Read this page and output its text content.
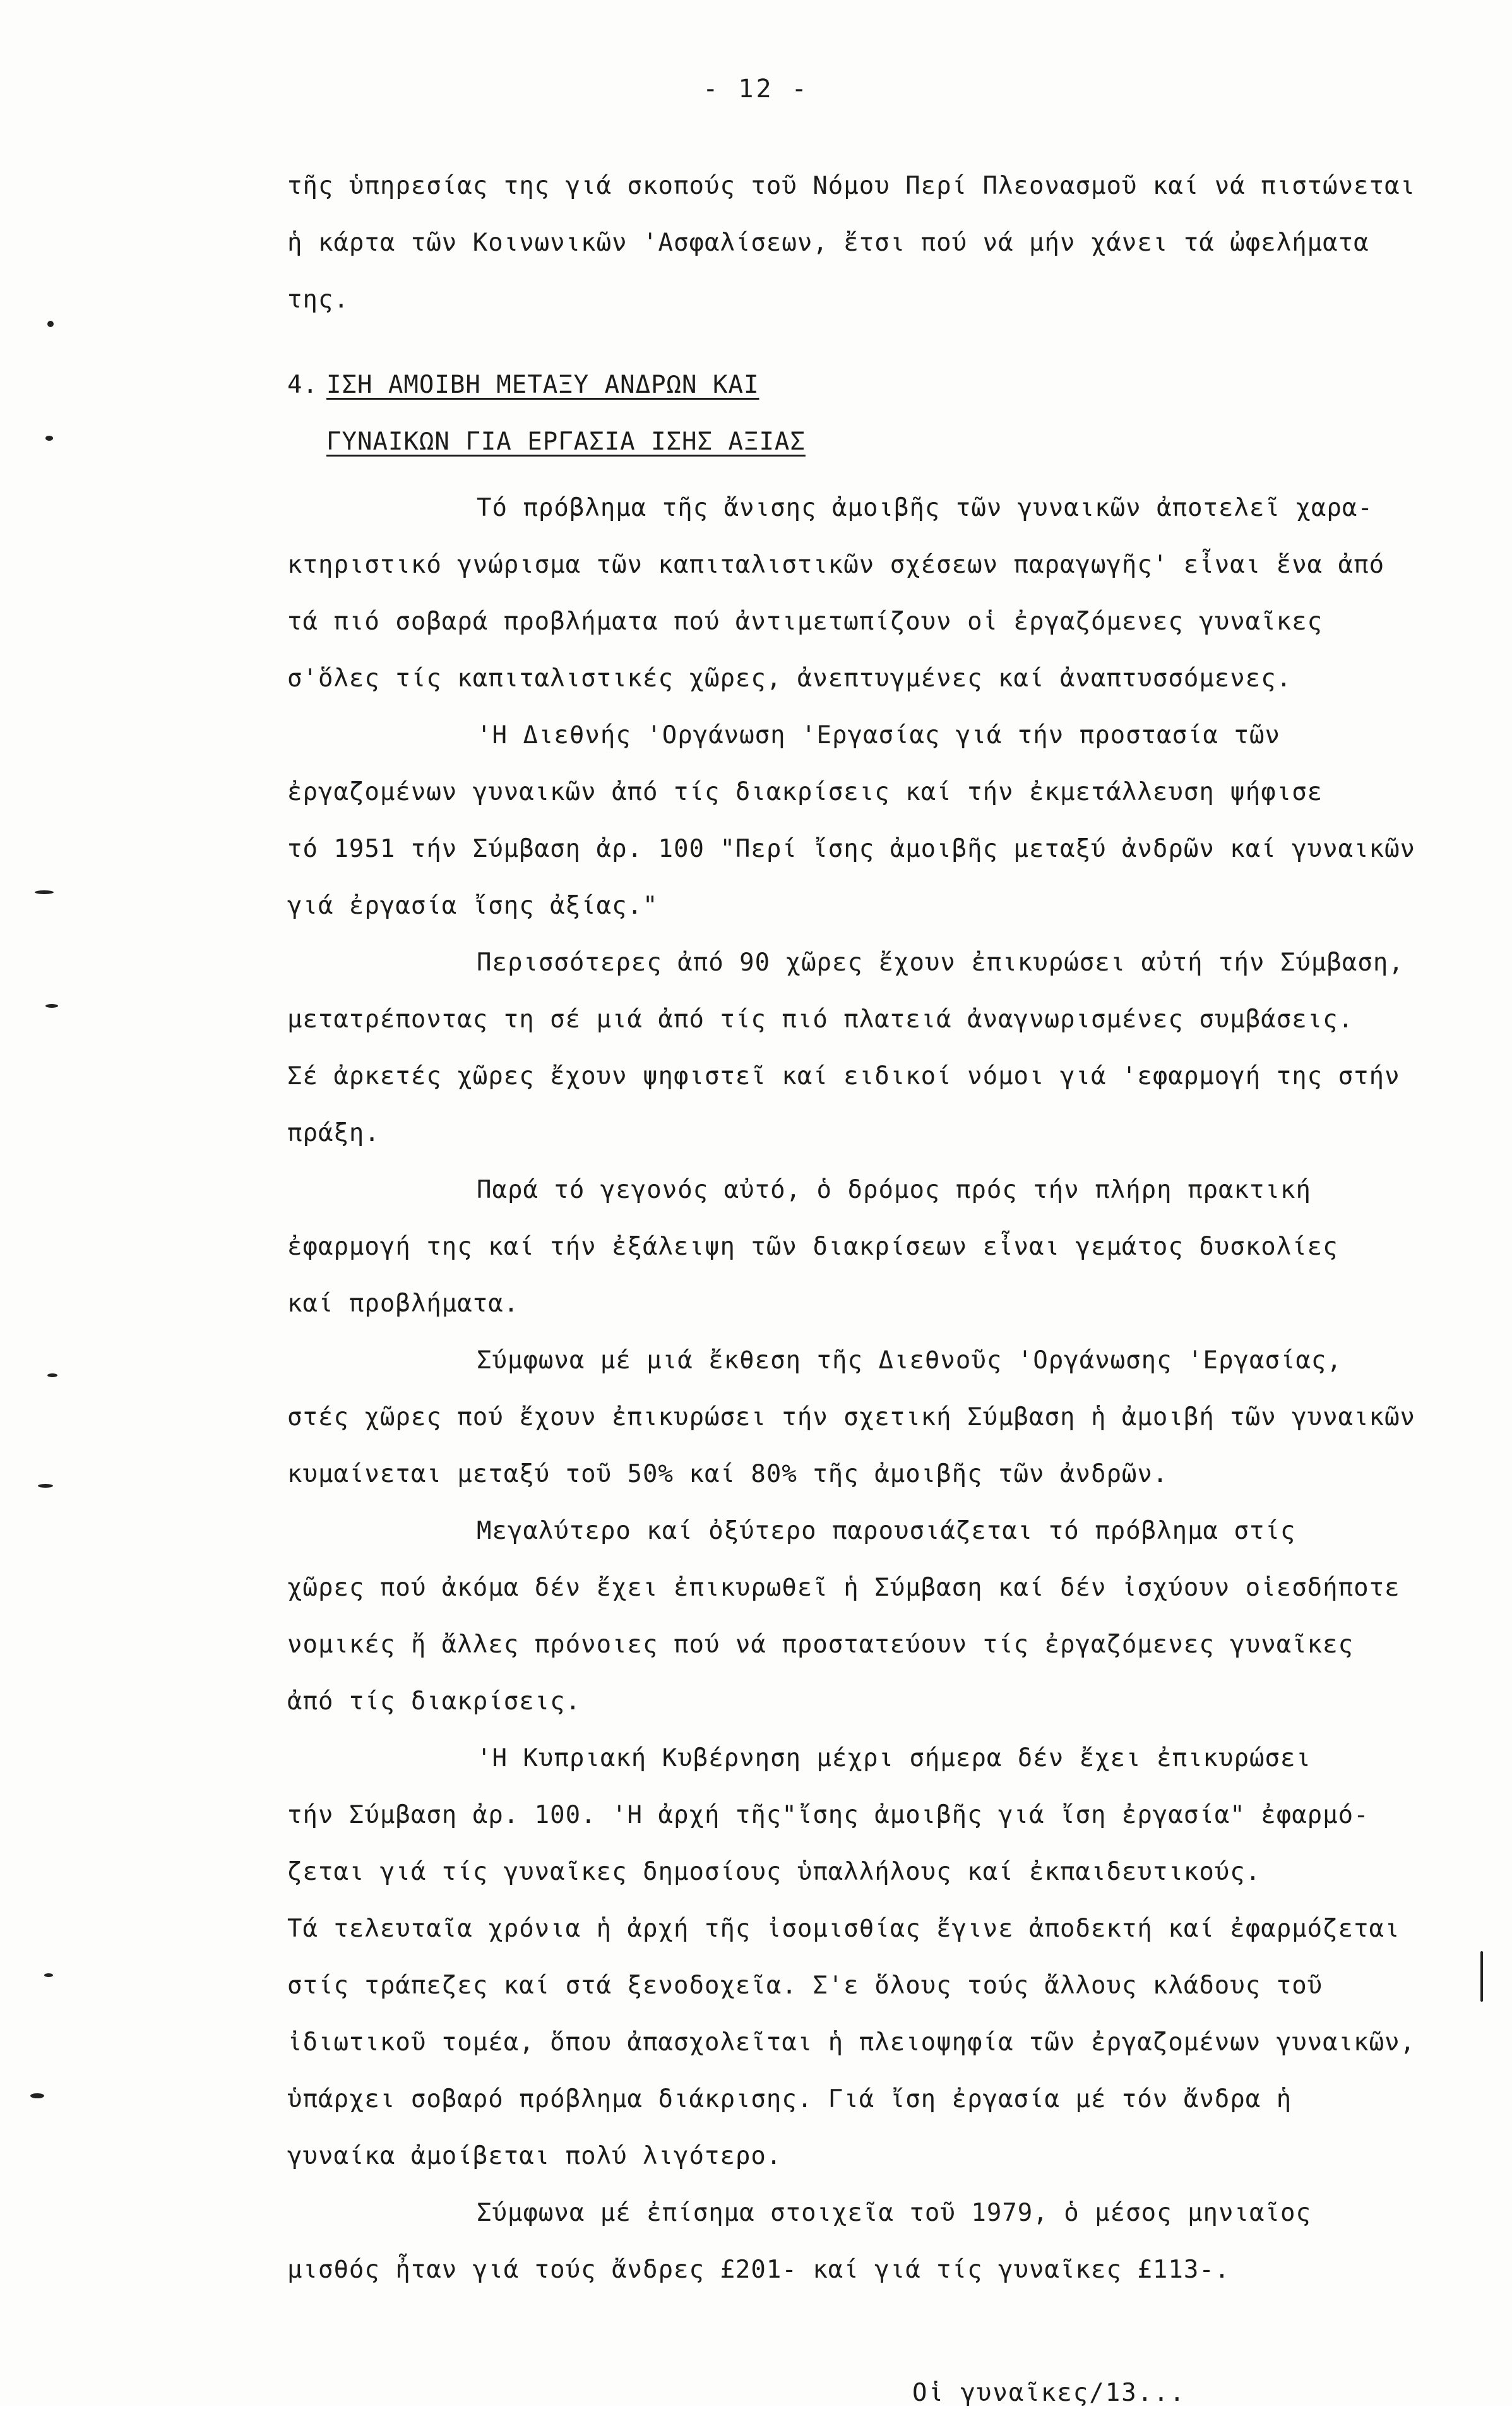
- 12 -
τῆς ὑπηρεσίας της γιά σκοπούς τοῦ Νόμου Περί Πλεονασμοῦ καί νά πιστώνεται
ἡ κάρτα τῶν Κοινωνικῶν 'Ασφαλίσεων, ἔτσι πού νά μήν χάνει τά ὠφελήματα
της.
4. ΙΣΗ ΑΜΟΙΒΗ ΜΕΤΑΞΥ ΑΝΔΡΩΝ ΚΑΙ
ΓΥΝΑΙΚΩΝ ΓΙΑ ΕΡΓΑΣΙΑ ΙΣΗΣ ΑΞΙΑΣ
Τό πρόβλημα τῆς ἄνισης ἀμοιβῆς τῶν γυναικῶν ἀποτελεῖ χαρα-
κτηριστικό γνώρισμα τῶν καπιταλιστικῶν σχέσεων παραγωγῆς' εἶναι ἕνα ἀπό
τά πιό σοβαρά προβλήματα πού ἀντιμετωπίζουν οἱ ἐργαζόμενες γυναῖκες
σ'ὅλες τίς καπιταλιστικές χῶρες, ἀνεπτυγμένες καί ἀναπτυσσόμενες.
'Η Διεθνής 'Οργάνωση 'Εργασίας γιά τήν προστασία τῶν
ἐργαζομένων γυναικῶν ἀπό τίς διακρίσεις καί τήν ἐκμετάλλευση ψήφισε
τό 1951 τήν Σύμβαση ἀρ. 100 "Περί ἴσης ἀμοιβῆς μεταξύ ἀνδρῶν καί γυναικῶν
γιά ἐργασία ἴσης ἀξίας."
Περισσότερες ἀπό 90 χῶρες ἔχουν ἐπικυρώσει αὐτή τήν Σύμβαση,
μετατρέποντας τη σέ μιά ἀπό τίς πιό πλατειά ἀναγνωρισμένες συμβάσεις.
Σέ ἀρκετές χῶρες ἔχουν ψηφιστεῖ καί ειδικοί νόμοι γιά 'εφαρμογή της στήν
πράξη.
Παρά τό γεγονός αὐτό, ὁ δρόμος πρός τήν πλήρη πρακτική
ἐφαρμογή της καί τήν ἐξάλειψη τῶν διακρίσεων εἶναι γεμάτος δυσκολίες
καί προβλήματα.
Σύμφωνα μέ μιά ἔκθεση τῆς Διεθνοῦς 'Οργάνωσης 'Εργασίας,
στές χῶρες πού ἔχουν ἐπικυρώσει τήν σχετική Σύμβαση ἡ ἀμοιβή τῶν γυναικῶν
κυμαίνεται μεταξύ τοῦ 50% καί 80% τῆς ἀμοιβῆς τῶν ἀνδρῶν.
Μεγαλύτερο καί ὀξύτερο παρουσιάζεται τό πρόβλημα στίς
χῶρες πού ἀκόμα δέν ἔχει ἐπικυρωθεῖ ἡ Σύμβαση καί δέν ἰσχύουν οἱεσδήποτε
νομικές ἤ ἄλλες πρόνοιες πού νά προστατεύουν τίς ἐργαζόμενες γυναῖκες
ἀπό τίς διακρίσεις.
'Η Κυπριακή Κυβέρνηση μέχρι σήμερα δέν ἔχει ἐπικυρώσει
τήν Σύμβαση ἀρ. 100. 'Η ἀρχή τῆς"ἴσης ἀμοιβῆς γιά ἴση ἐργασία" ἐφαρμό-
ζεται γιά τίς γυναῖκες δημοσίους ὑπαλλήλους καί ἐκπαιδευτικούς.
Τά τελευταῖα χρόνια ἡ ἀρχή τῆς ἰσομισθίας ἔγινε ἀποδεκτή καί ἐφαρμόζεται
στίς τράπεζες καί στά ξενοδοχεῖα. Σ'ε ὅλους τούς ἄλλους κλάδους τοῦ
ἰδιωτικοῦ τομέα, ὅπου ἀπασχολεῖται ἡ πλειοψηφία τῶν ἐργαζομένων γυναικῶν,
ὑπάρχει σοβαρό πρόβλημα διάκρισης. Γιά ἴση ἐργασία μέ τόν ἄνδρα ἡ
γυναίκα ἀμοίβεται πολύ λιγότερο.
Σύμφωνα μέ ἐπίσημα στοιχεῖα τοῦ 1979, ὁ μέσος μηνιαῖος
μισθός ἦταν γιά τούς ἄνδρες £201- καί γιά τίς γυναῖκες £113-.
Οἱ γυναῖκες/13...
